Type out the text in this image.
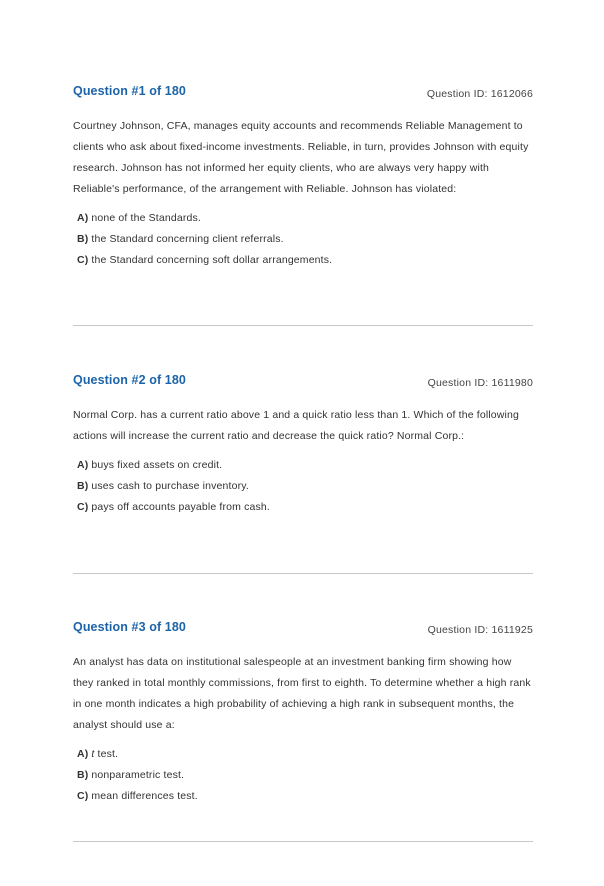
Question #1 of 180	Question ID: 1612066
Courtney Johnson, CFA, manages equity accounts and recommends Reliable Management to clients who ask about fixed-income investments. Reliable, in turn, provides Johnson with equity research. Johnson has not informed her equity clients, who are always very happy with Reliable's performance, of the arrangement with Reliable. Johnson has violated:
A) none of the Standards.
B) the Standard concerning client referrals.
C) the Standard concerning soft dollar arrangements.
Question #2 of 180	Question ID: 1611980
Normal Corp. has a current ratio above 1 and a quick ratio less than 1. Which of the following actions will increase the current ratio and decrease the quick ratio? Normal Corp.:
A) buys fixed assets on credit.
B) uses cash to purchase inventory.
C) pays off accounts payable from cash.
Question #3 of 180	Question ID: 1611925
An analyst has data on institutional salespeople at an investment banking firm showing how they ranked in total monthly commissions, from first to eighth. To determine whether a high rank in one month indicates a high probability of achieving a high rank in subsequent months, the analyst should use a:
A) t test.
B) nonparametric test.
C) mean differences test.
